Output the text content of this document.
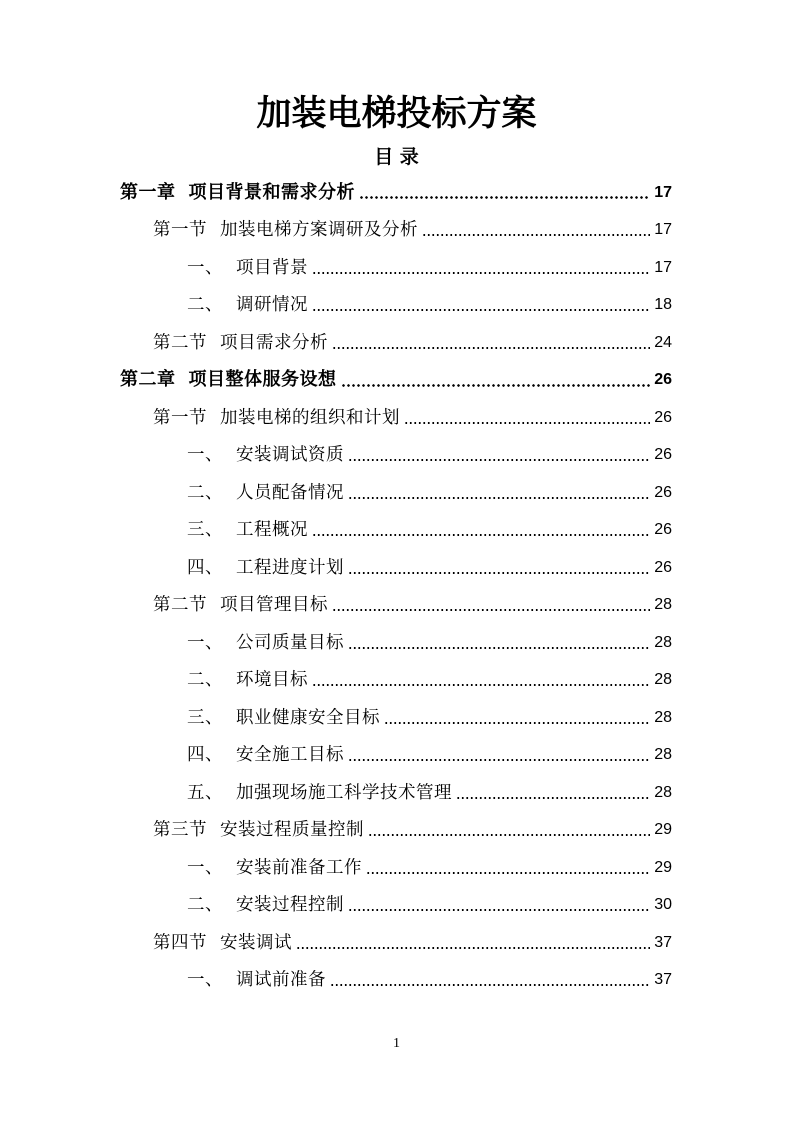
加装电梯投标方案
目 录
第一章 项目背景和需求分析	17
第一节 加装电梯方案调研及分析	17
一、 项目背景	17
二、 调研情况	18
第二节 项目需求分析	24
第二章 项目整体服务设想	26
第一节 加装电梯的组织和计划	26
一、 安装调试资质	26
二、 人员配备情况	26
三、 工程概况	26
四、 工程进度计划	26
第二节 项目管理目标	28
一、 公司质量目标	28
二、 环境目标	28
三、 职业健康安全目标	28
四、 安全施工目标	28
五、 加强现场施工科学技术管理	28
第三节 安装过程质量控制	29
一、 安装前准备工作	29
二、 安装过程控制	30
第四节 安装调试	37
一、 调试前准备	37
1
